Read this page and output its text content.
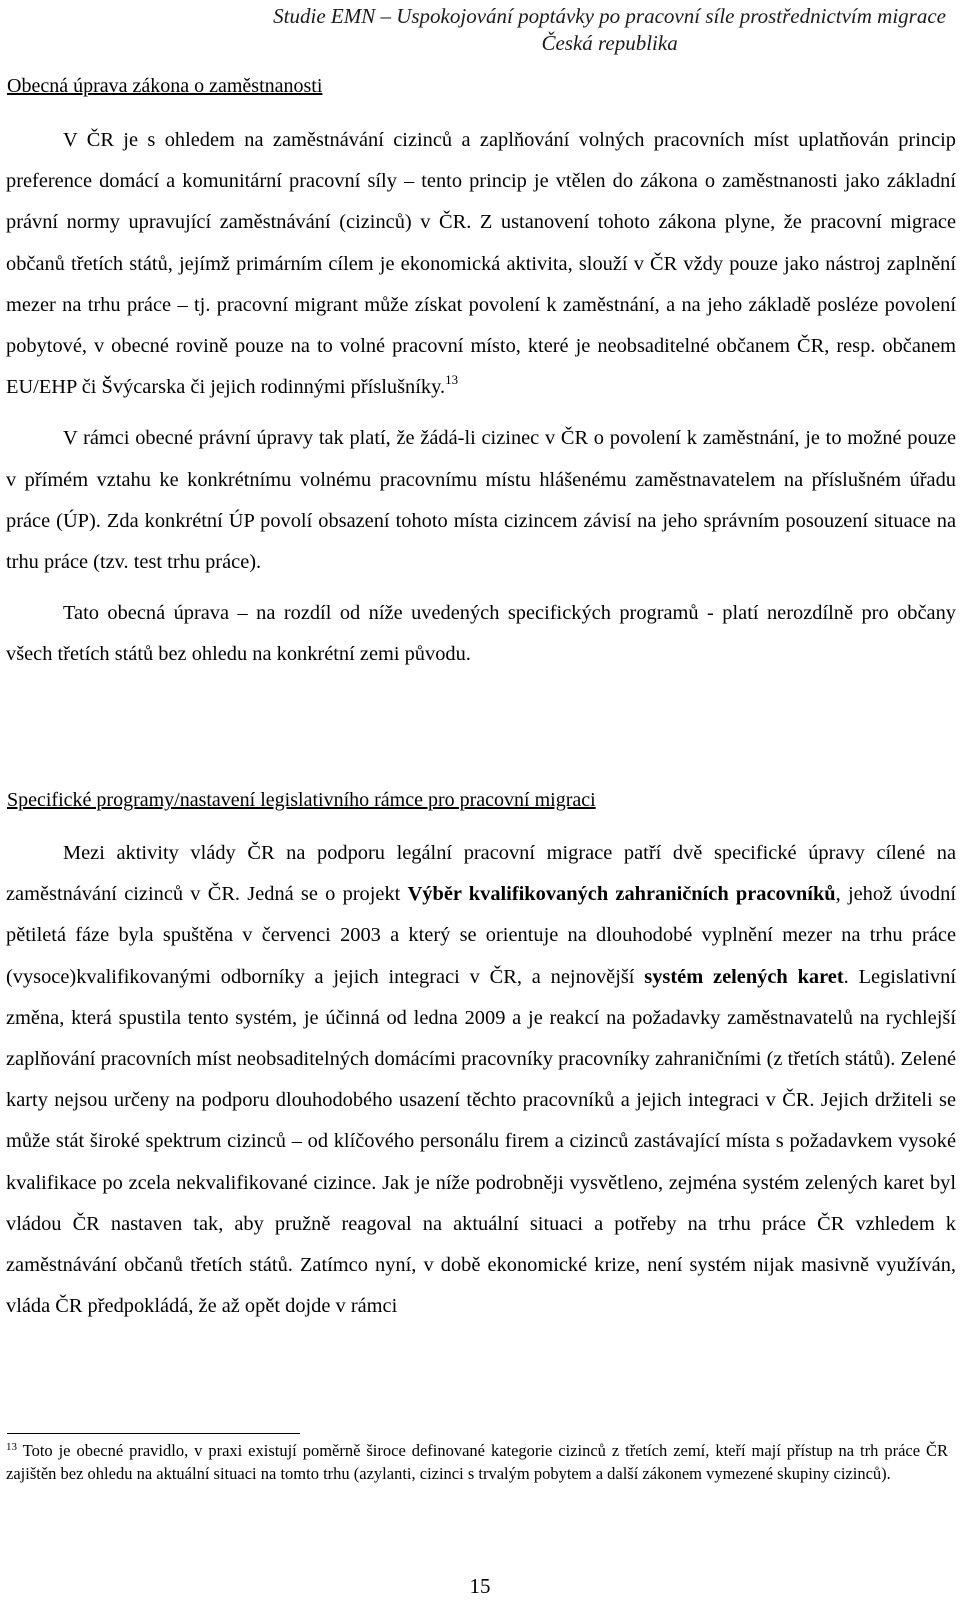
Studie EMN – Uspokojování poptávky po pracovní síle prostřednictvím migrace
Česká republika
Obecná úprava zákona o zaměstnanosti

V ČR je s ohledem na zaměstnávání cizinců a zaplňování volných pracovních míst uplatňován princip preference domácí a komunitární pracovní síly – tento princip je vtělen do zákona o zaměstnanosti jako základní právní normy upravující zaměstnávání (cizinců) v ČR. Z ustanovení tohoto zákona plyne, že pracovní migrace občanů třetích států, jejímž primárním cílem je ekonomická aktivita, slouží v ČR vždy pouze jako nástroj zaplnění mezer na trhu práce – tj. pracovní migrant může získat povolení k zaměstnání, a na jeho základě posléze povolení pobytové, v obecné rovině pouze na to volné pracovní místo, které je neobsaditelné občanem ČR, resp. občanem EU/EHP či Švýcarska či jejich rodinnými příslušníky.$^{13}$

V rámci obecné právní úpravy tak platí, že žádá-li cizinec v ČR o povolení k zaměstnání, je to možné pouze v přímém vztahu ke konkrétnímu volnému pracovnímu místu hlášenému zaměstnavatelem na příslušném úřadu práce (ÚP). Zda konkrétní ÚP povolí obsazení tohoto místa cizincem závisí na jeho správním posouzení situace na trhu práce (tzv. test trhu práce).

Tato obecná úprava – na rozdíl od níže uvedených specifických programů - platí nerozdílně pro občany všech třetích států bez ohledu na konkrétní zemi původu.

Specifické programy/nastavení legislativního rámce pro pracovní migraci

Mezi aktivity vlády ČR na podporu legální pracovní migrace patří dvě specifické úpravy cílené na zaměstnávání cizinců v ČR. Jedná se o projekt Výběr kvalifikovaných zahraničních pracovníků, jehož úvodní pětiletá fáze byla spuštěna v červenci 2003 a který se orientuje na dlouhodobé vyplnění mezer na trhu práce (vysoce)kvalifikovanými odborníky a jejich integraci v ČR, a nejnovější systém zelených karet. Legislativní změna, která spustila tento systém, je účinná od ledna 2009 a je reakcí na požadavky zaměstnavatelů na rychlejší zaplňování pracovních míst neobsaditelných domácími pracovníky pracovníky zahraničními (z třetích států). Zelené karty nejsou určeny na podporu dlouhodobého usazení těchto pracovníků a jejich integraci v ČR. Jejich držiteli se může stát široké spektrum cizinců – od klíčového personálu firem a cizinců zastávající místa s požadavkem vysoké kvalifikace po zcela nekvalifikované cizince. Jak je níže podrobněji vysvětleno, zejména systém zelených karet byl vládou ČR nastaven tak, aby pružně reagoval na aktuální situaci a potřeby na trhu práce ČR vzhledem k zaměstnávání občanů třetích států. Zatímco nyní, v době ekonomické krize, není systém nijak masivně využíván, vláda ČR předpokládá, že až opět dojde v rámci

$^{13}$ Toto je obecné pravidlo, v praxi existují poměrně široce definované kategorie cizinců z třetích zemí, kteří mají přístup na trh práce ČR zajištěn bez ohledu na aktuální situaci na tomto trhu (azylanti, cizinci s trvalým pobytem a další zákonem vymezené skupiny cizinců).
15
